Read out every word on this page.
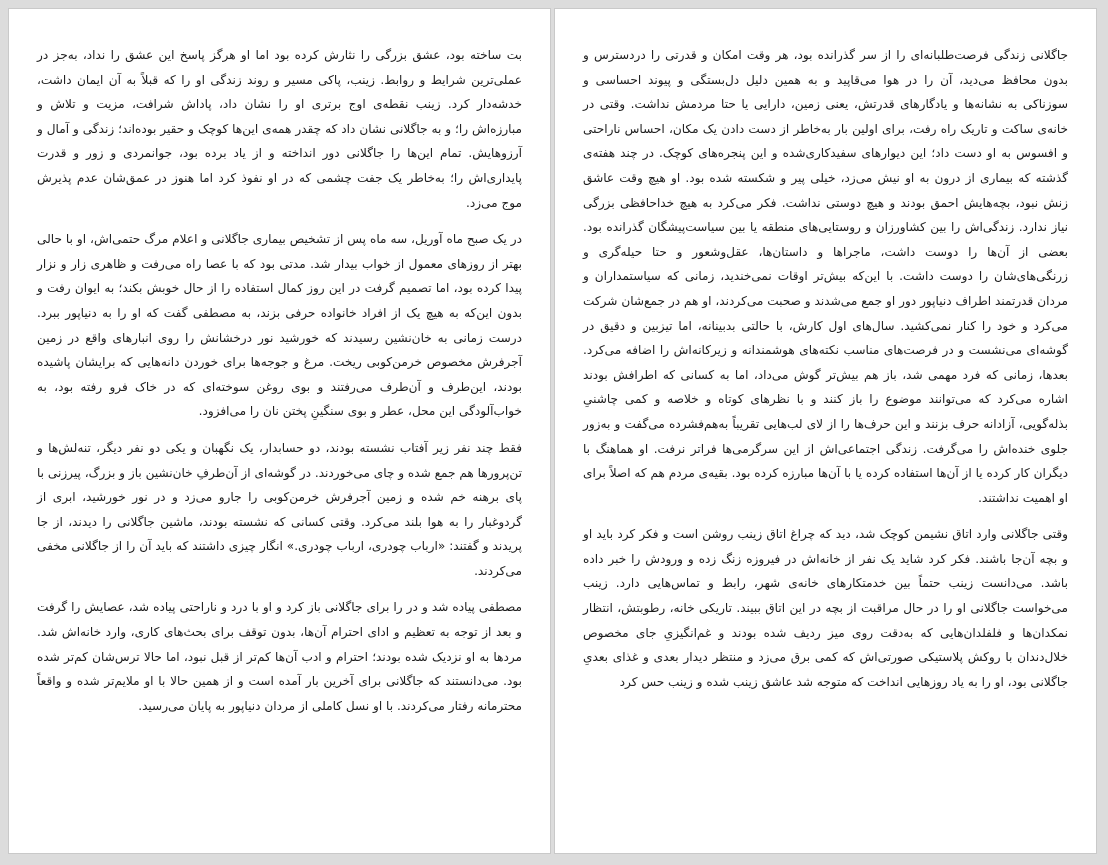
جاگلانی زندگی فرصت‌طلبانه‌ای را از سر گذرانده بود، هر وقت امکان و قدرتی را دردسترس و بدون محافظ می‌دید، آن را در هوا می‌قاپید و به همین دلیل دل‌بستگی و پیوند احساسی و سوزناکی به نشانه‌ها و یادگارهای قدرتش، یعنی زمین، دارایی یا حتا مردمش نداشت. وقتی در خانه‌ی ساکت و تاریک راه رفت، برای اولین بار به‌خاطر از دست دادن یک مکان، احساس ناراحتی و افسوس به او دست داد؛ این دیوارهای سفیدکاری‌شده و این پنجره‌های کوچک. در چند هفته‌ی گذشته که بیماری از درون به او نیش می‌زد، خیلی پیر و شکسته شده بود. او هیچ وقت عاشق زنش نبود، بچه‌هایش احمق بودند و هیچ دوستی نداشت. فکر می‌کرد به هیچ خداحافظی بزرگی نیاز ندارد. زندگی‌اش را بین کشاورزان و روستایی‌های منطقه یا بین سیاست‌پیشگان گذرانده بود. بعضی از آن‌ها را دوست داشت، ماجراها و داستان‌ها، عقل‌وشعور و حتا حیله‌گری و زرنگی‌های‌شان را دوست داشت. با این‌که بیش‌تر اوقات نمی‌خندید، زمانی که سیاستمداران و مردان قدرتمند اطراف دنیاپور دور او جمع می‌شدند و صحبت می‌کردند، او هم در جمع‌شان شرکت می‌کرد و خود را کنار نمی‌کشید. سال‌های اول کارش، با حالتی بدبینانه، اما تیزبین و دقیق در گوشه‌ای می‌نشست و در فرصت‌های مناسب نکته‌های هوشمندانه و زیرکانه‌اش را اضافه می‌کرد. بعدها، زمانی که فرد مهمی شد، باز هم بیش‌تر گوش می‌داد، اما به کسانی که اطرافش بودند اشاره می‌کرد که می‌توانند موضوع را باز کنند و با نظرهای کوتاه و خلاصه و کمی چاشنیِ بذله‌گویی، آزادانه حرف بزنند و این حرف‌ها را از لای لب‌هایی تقریباً به‌هم‌فشرده می‌گفت و به‌زور جلوی خنده‌اش را می‌گرفت. زندگی اجتماعی‌اش از این سرگرمی‌ها فراتر نرفت. او هماهنگ با دیگران کار کرده یا از آن‌ها استفاده کرده یا با آن‌ها مبارزه کرده بود. بقیه‌ی مردم هم که اصلاً برای او اهمیت نداشتند.

وقتی جاگلانی وارد اتاق نشیمن کوچک شد، دید که چراغ اتاق زینب روشن است و فکر کرد باید او و بچه آن‌جا باشند. فکر کرد شاید یک نفر از خانه‌اش در فیروزه زنگ زده و ورودش را خبر داده باشد. می‌دانست زینب حتماً بین خدمتکارهای خانه‌ی شهر، رابط و تماس‌هایی دارد. زینب می‌خواست جاگلانی او را در حال مراقبت از بچه در این اتاق ببیند. تاریکی خانه، رطوبتش، انتظار نمکدان‌ها و فلفلدان‌هایی که به‌دقت روی میز ردیف شده بودند و غم‌انگیزیِ جای مخصوص خلال‌دندان با روکش پلاستیکی صورتی‌اش که کمی برق می‌زد و منتظر دیدار بعدی و غذای بعدیِ جاگلانی بود، او را به یاد روزهایی انداخت که متوجه شد عاشق زینب شده و زینب حس کرد

بت ساخته بود، عشق بزرگی را نثارش کرده بود اما او هرگز پاسخ این عشق را نداد، به‌جز در عملی‌ترین شرایط و روابط. زینب، پاکی مسیر و روند زندگی او را که قبلاً به آن ایمان داشت، خدشه‌دار کرد. زینب نقطه‌ی اوج برتری او را نشان داد، پاداش شرافت، مزیت و تلاش و مبارزه‌اش را؛ و به جاگلانی نشان داد که چقدر همه‌ی این‌ها کوچک و حقیر بوده‌اند؛ زندگی و آمال و آرزوهایش. تمام این‌ها را جاگلانی دور انداخته و از یاد برده بود، جوانمردی و زور و قدرت پایداری‌اش را؛ به‌خاطر یک جفت چشمی که در او نفوذ کرد اما هنوز در عمق‌شان عدم پذیرش موج می‌زد.

در یک صبح ماه آوریل، سه ماه پس از تشخیص بیماری جاگلانی و اعلام مرگ حتمی‌اش، او با حالی بهتر از روزهای معمول از خواب بیدار شد. مدتی بود که با عصا راه می‌رفت و ظاهری زار و نزار پیدا کرده بود، اما تصمیم گرفت در این روز کمال استفاده را از حال خوبش بکند؛ به ایوان رفت و بدون این‌که به هیچ یک از افراد خانواده حرفی بزند، به مصطفی گفت که او را به دنیاپور ببرد. درست زمانی به خان‌نشین رسیدند که خورشید نور درخشانش را روی انبارهای واقع در زمین آجرفرش مخصوص خرمن‌کوبی ریخت. مرغ و جوجه‌ها برای خوردن دانه‌هایی که برایشان پاشیده بودند، این‌طرف و آن‌طرف می‌رفتند و بوی روغن سوخته‌ای که در خاک فرو رفته بود، به خواب‌آلودگی این محل، عطر و بوی سنگینِ پختن نان را می‌افزود.

فقط چند نفر زیر آفتاب نشسته بودند، دو حسابدار، یک نگهبان و یکی دو نفر دیگر، تنه‌لش‌ها و تن‌پرورها هم جمع شده و چای می‌خوردند. در گوشه‌ای از آن‌طرفِ خان‌نشین باز و بزرگ، پیرزنی با پای برهنه خم شده و زمین آجرفرش خرمن‌کوبی را جارو می‌زد و در نور خورشید، ابری از گردوغبار را به هوا بلند می‌کرد. وقتی کسانی که نشسته بودند، ماشین جاگلانی را دیدند، از جا پریدند و گفتند: «ارباب چودری، ارباب چودری.» انگار چیزی داشتند که باید آن را از جاگلانی مخفی می‌کردند.

مصطفی پیاده شد و در را برای جاگلانی باز کرد و او با درد و ناراحتی پیاده شد، عصایش را گرفت و بعد از توجه به تعظیم و ادای احترام آن‌ها، بدون توقف برای بحث‌های کاری، وارد خانه‌اش شد. مردها به او نزدیک شده بودند؛ احترام و ادب آن‌ها کم‌تر از قبل نبود، اما حالا ترس‌شان کم‌تر شده بود. می‌دانستند که جاگلانی برای آخرین بار آمده است و از همین حالا با او ملایم‌تر شده و واقعاً محترمانه رفتار می‌کردند. با او نسل کاملی از مردان دنیاپور به پایان می‌رسید.
